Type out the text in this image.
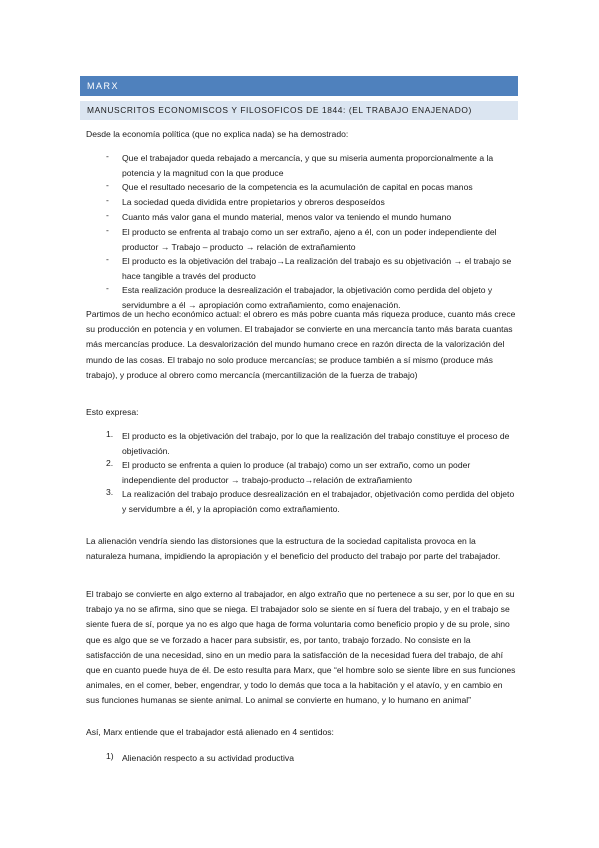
MARX
MANUSCRITOS ECONOMISCOS Y FILOSOFICOS DE 1844: (EL TRABAJO ENAJENADO)

Desde la economía política (que no explica nada) se ha demostrado:

-	Que el trabajador queda rebajado a mercancía, y que su miseria aumenta proporcionalmente a la potencia y la magnitud con la que produce
-	Que el resultado necesario de la competencia es la acumulación de capital en pocas manos
-	La sociedad queda dividida entre propietarios y obreros desposeídos
-	Cuanto más valor gana el mundo material, menos valor va teniendo el mundo humano
-	El producto se enfrenta al trabajo como un ser extraño, ajeno a él, con un poder independiente del productor → Trabajo – producto → relación de extrañamiento
-	El producto es la objetivación del trabajo→La realización del trabajo es su objetivación → el trabajo se hace tangible a través del producto
-	Esta realización produce la desrealización el trabajador, la objetivación como perdida del objeto y servidumbre a él → apropiación como extrañamiento, como enajenación.

Partimos de un hecho económico actual: el obrero es más pobre cuanta más riqueza produce, cuanto más crece su producción en potencia y en volumen. El trabajador se convierte en una mercancía tanto más barata cuantas más mercancías produce. La desvalorización del mundo humano crece en razón directa de la valorización del mundo de las cosas. El trabajo no solo produce mercancías; se produce también a sí mismo (produce más trabajo), y produce al obrero como mercancía (mercantilización de la fuerza de trabajo)

Esto expresa:

1.	El producto es la objetivación del trabajo, por lo que la realización del trabajo constituye el proceso de objetivación.
2.	El producto se enfrenta a quien lo produce (al trabajo) como un ser extraño, como un poder independiente del productor → trabajo-producto→relación de extrañamiento
3.	La realización del trabajo produce desrealización en el trabajador, objetivación como perdida del objeto y servidumbre a él, y la apropiación como extrañamiento.

La alienación vendría siendo las distorsiones que la estructura de la sociedad capitalista provoca en la naturaleza humana, impidiendo la apropiación y el beneficio del producto del trabajo por parte del trabajador.

El trabajo se convierte en algo externo al trabajador, en algo extraño que no pertenece a su ser, por lo que en su trabajo ya no se afirma, sino que se niega. El trabajador solo se siente en sí fuera del trabajo, y en el trabajo se siente fuera de sí, porque ya no es algo que haga de forma voluntaria como beneficio propio y de su prole, sino que es algo que se ve forzado a hacer para subsistir, es, por tanto, trabajo forzado. No consiste en la satisfacción de una necesidad, sino en un medio para la satisfacción de la necesidad fuera del trabajo, de ahí que en cuanto puede huya de él. De esto resulta para Marx, que “el hombre solo se siente libre en sus funciones animales, en el comer, beber, engendrar, y todo lo demás que toca a la habitación y el atavío, y en cambio en sus funciones humanas se siente animal. Lo animal se convierte en humano, y lo humano en animal”

Así, Marx entiende que el trabajador está alienado en 4 sentidos:

1) Alienación respecto a su actividad productiva
